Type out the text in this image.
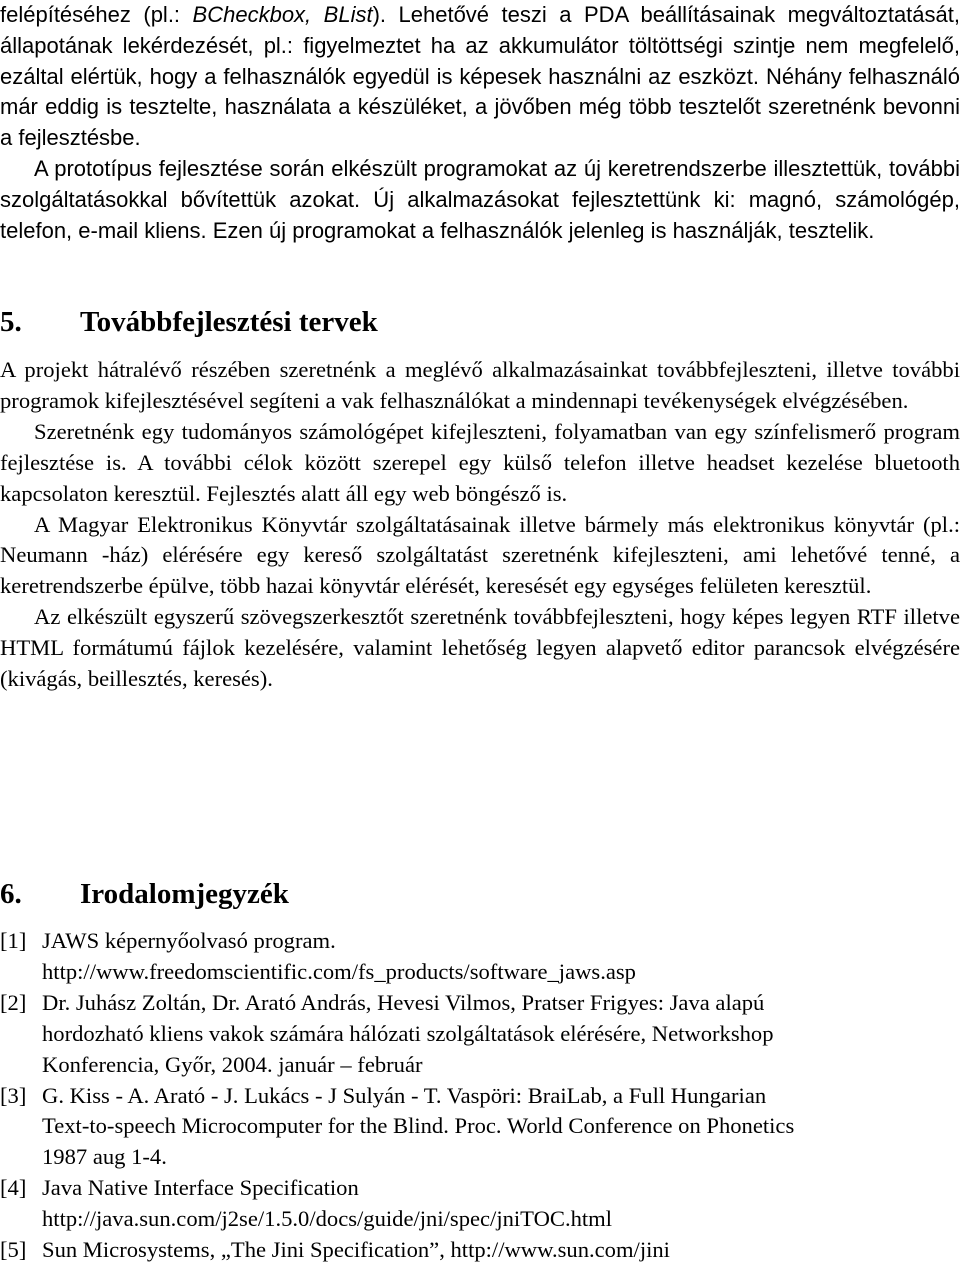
felépítéséhez (pl.: BCheckbox, BList). Lehetővé teszi a PDA beállításainak megváltoztatását, állapotának lekérdezését, pl.: figyelmeztet ha az akkumulátor töltöttségi szintje nem megfelelő, ezáltal elértük, hogy a felhasználók egyedül is képesek használni az eszközt. Néhány felhasználó már eddig is tesztelte, használata a készüléket, a jövőben még több tesztelőt szeretnénk bevonni a fejlesztésbe.

A prototípus fejlesztése során elkészült programokat az új keretrendszerbe illesztettük, további szolgáltatásokkal bővítettük azokat. Új alkalmazásokat fejlesztettünk ki: magnó, számológép, telefon, e-mail kliens. Ezen új programokat a felhasználók jelenleg is használják, tesztelik.

5. Továbbfejlesztési tervek

A projekt hátralévő részében szeretnénk a meglévő alkalmazásainkat továbbfejleszteni, illetve további programok kifejlesztésével segíteni a vak felhasználókat a mindennapi tevékenységek elvégzésében.

Szeretnénk egy tudományos számológépet kifejleszteni, folyamatban van egy színfelismerő program fejlesztése is. A további célok között szerepel egy külső telefon illetve headset kezelése bluetooth kapcsolaton keresztül. Fejlesztés alatt áll egy web böngésző is.

A Magyar Elektronikus Könyvtár szolgáltatásainak illetve bármely más elektronikus könyvtár (pl.: Neumann -ház) elérésére egy kereső szolgáltatást szeretnénk kifejleszteni, ami lehetővé tenné, a keretrendszerbe épülve, több hazai könyvtár elérését, keresését egy egységes felületen keresztül.

Az elkészült egyszerű szövegszerkesztőt szeretnénk továbbfejleszteni, hogy képes legyen RTF illetve HTML formátumú fájlok kezelésére, valamint lehetőség legyen alapvető editor parancsok elvégzésére (kivágás, beillesztés, keresés).

6. Irodalomjegyzék
[1] JAWS képernyőolvasó program.
http://www.freedomscientific.com/fs_products/software_jaws.asp
[2] Dr. Juhász Zoltán, Dr. Arató András, Hevesi Vilmos, Pratser Frigyes: Java alapú
hordozható kliens vakok számára hálózati szolgáltatások elérésére, Networkshop
Konferencia, Győr, 2004. január – február
[3] G. Kiss - A. Arató - J. Lukács - J Sulyán - T. Vaspöri: BraiLab, a Full Hungarian
Text-to-speech Microcomputer for the Blind. Proc. World Conference on Phonetics
1987 aug 1-4.
[4] Java Native Interface Specification
http://java.sun.com/j2se/1.5.0/docs/guide/jni/spec/jniTOC.html
[5] Sun Microsystems, „The Jini Specification”, http://www.sun.com/jini
